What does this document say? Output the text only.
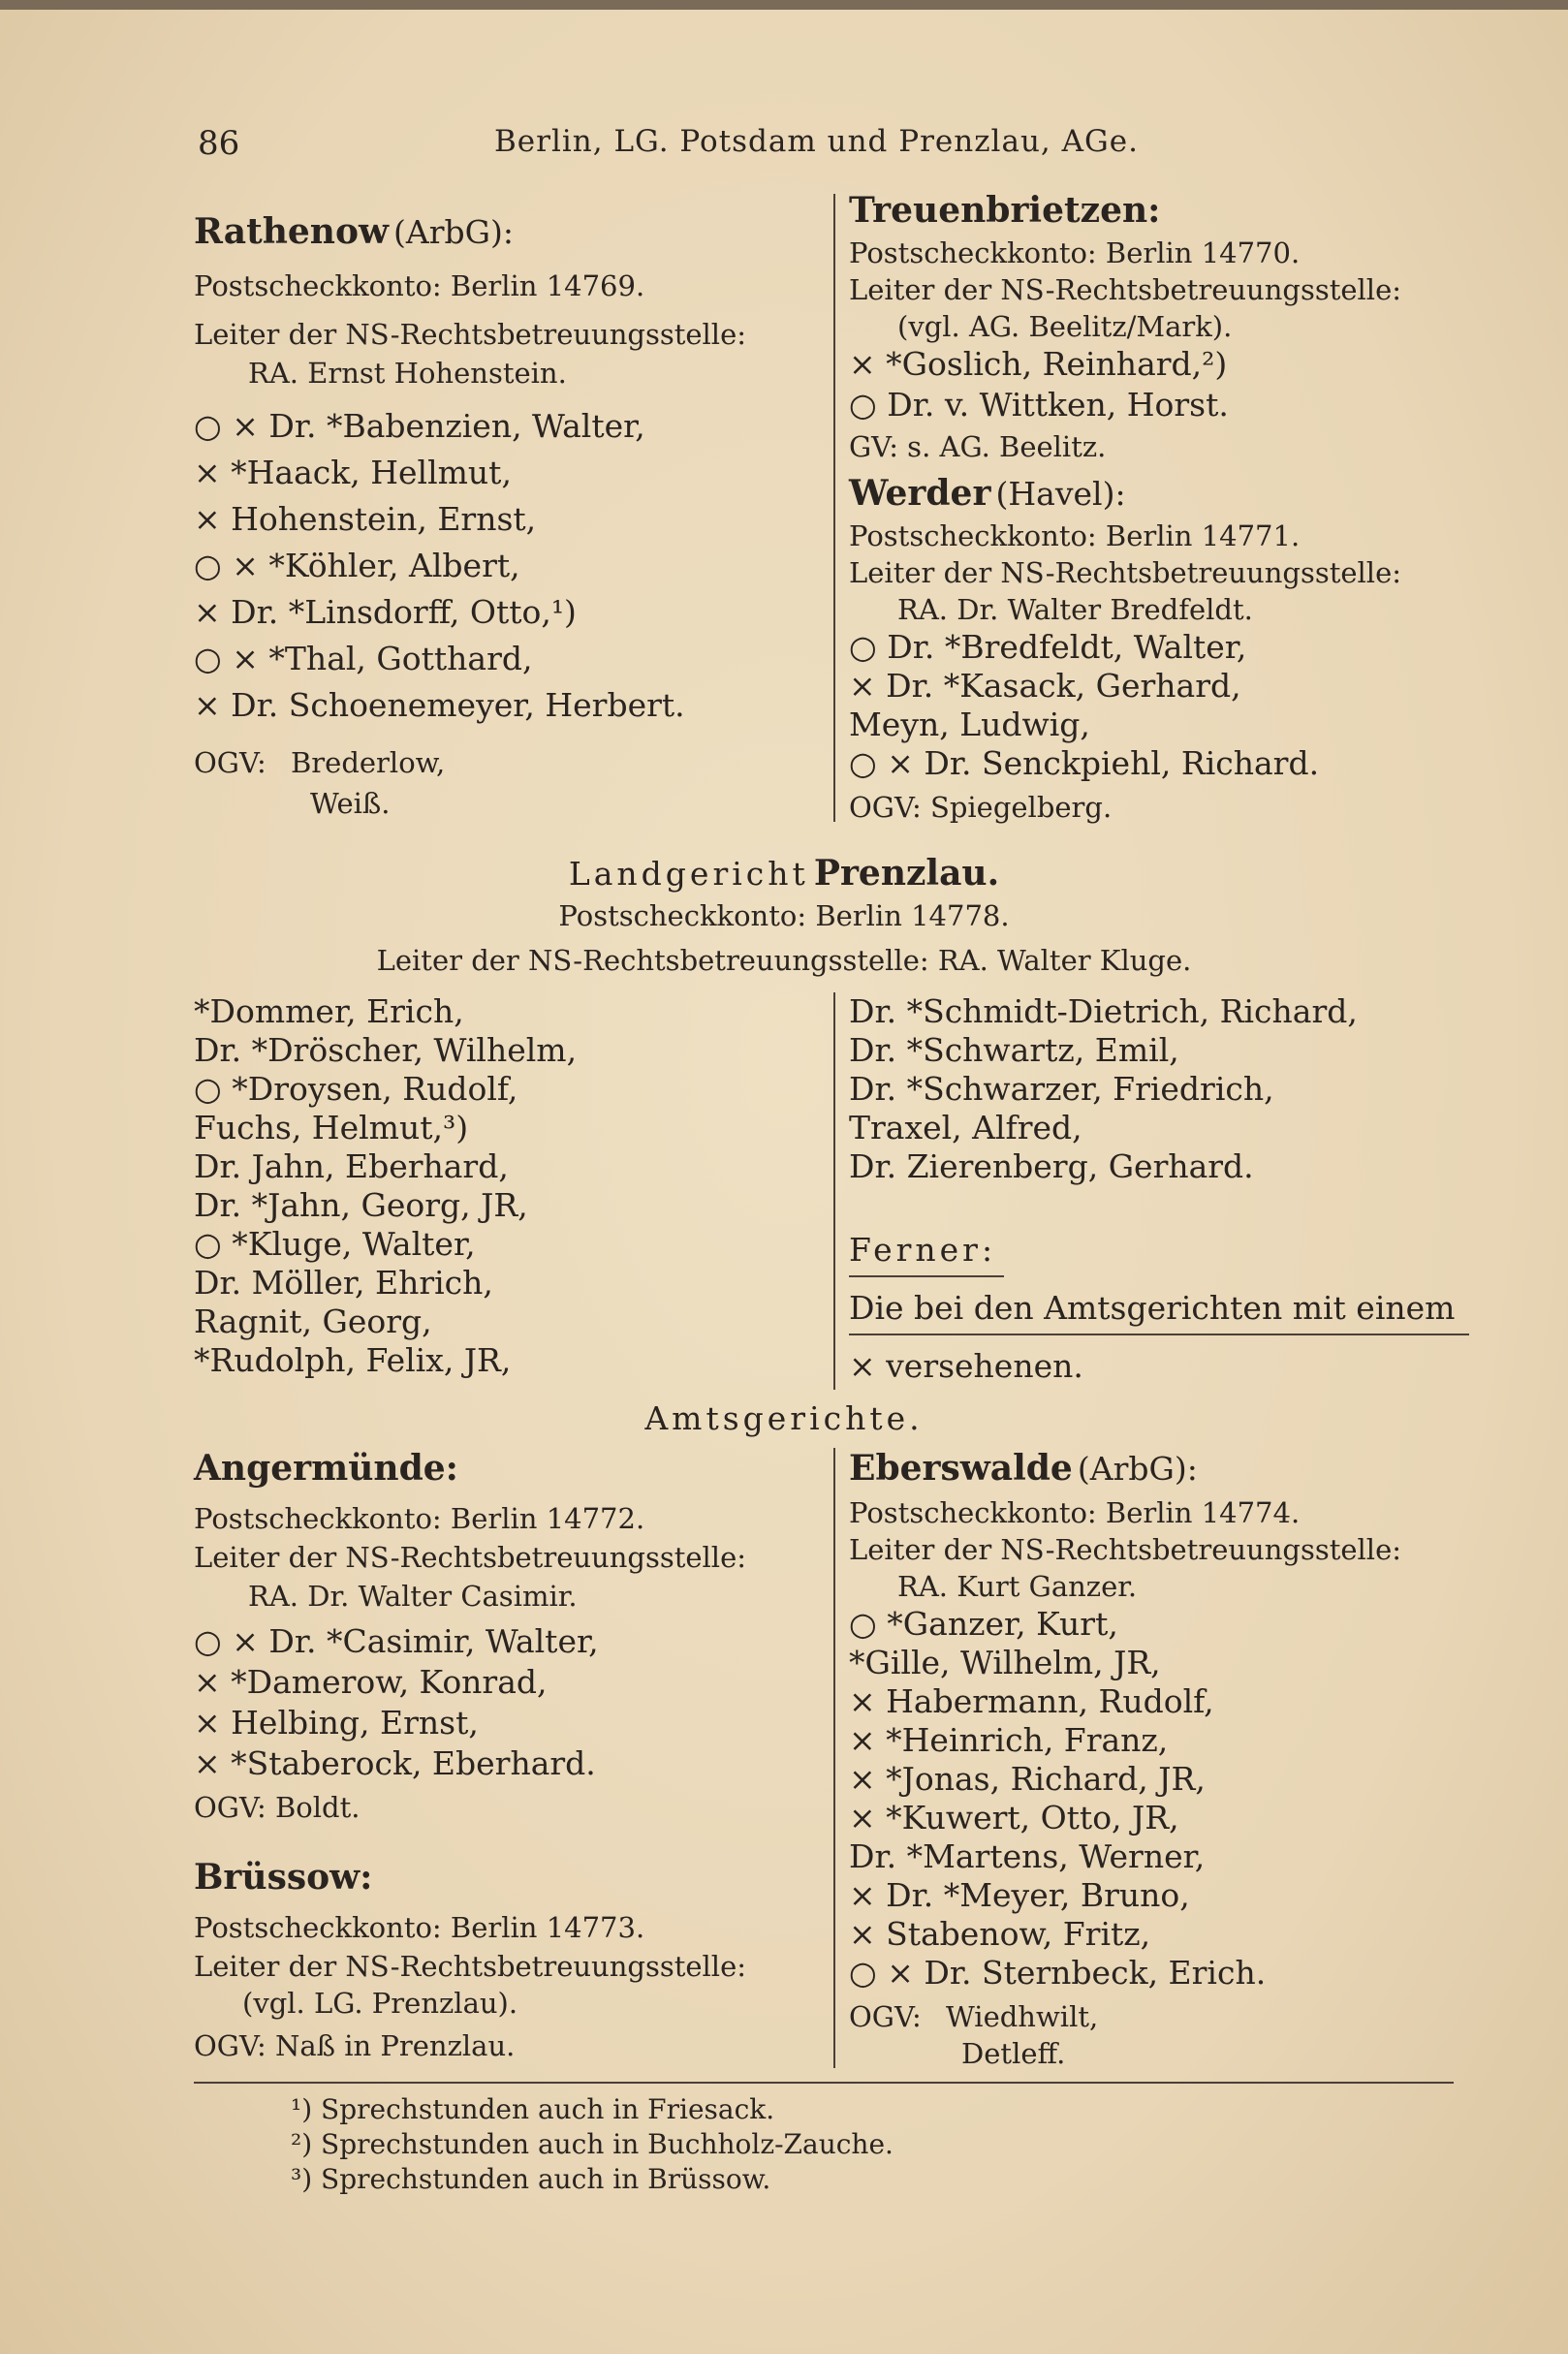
86	Berlin, LG. Potsdam und Prenzlau, AGe.
Rathenow (ArbG):
Postscheckkonto: Berlin 14769.
Leiter der NS-Rechtsbetreuungsstelle:
RA. Ernst Hohenstein.
○ × Dr. *Babenzien, Walter,
× *Haack, Hellmut,
× Hohenstein, Ernst,
○ × *Köhler, Albert,
× Dr. *Linsdorff, Otto,¹)
○ × *Thal, Gotthard,
× Dr. Schoenemeyer, Herbert.
OGV: Brederlow,
Weiß.
Treuenbrietzen:
Postscheckkonto: Berlin 14770.
Leiter der NS-Rechtsbetreuungsstelle:
(vgl. AG. Beelitz/Mark).
× *Goslich, Reinhard,²)
○ Dr. v. Wittken, Horst.
GV: s. AG. Beelitz.
Werder (Havel):
Postscheckkonto: Berlin 14771.
Leiter der NS-Rechtsbetreuungsstelle:
RA. Dr. Walter Bredfeldt.
○ Dr. *Bredfeldt, Walter,
× Dr. *Kasack, Gerhard,
Meyn, Ludwig,
○ × Dr. Senckpiehl, Richard.
OGV: Spiegelberg.
Landgericht Prenzlau.
Postscheckkonto: Berlin 14778.
Leiter der NS-Rechtsbetreuungsstelle: RA. Walter Kluge.
*Dommer, Erich,
Dr. *Dröscher, Wilhelm,
○ *Droysen, Rudolf,
Fuchs, Helmut,³)
Dr. Jahn, Eberhard,
Dr. *Jahn, Georg, JR,
○ *Kluge, Walter,
Dr. Möller, Ehrich,
Ragnit, Georg,
*Rudolph, Felix, JR,
Dr. *Schmidt-Dietrich, Richard,
Dr. *Schwartz, Emil,
Dr. *Schwarzer, Friedrich,
Traxel, Alfred,
Dr. Zierenberg, Gerhard.
Ferner:
Die bei den Amtsgerichten mit einem
× versehenen.
Amtsgerichte.
Angermünde:
Postscheckkonto: Berlin 14772.
Leiter der NS-Rechtsbetreuungsstelle:
RA. Dr. Walter Casimir.
○ × Dr. *Casimir, Walter,
× *Damerow, Konrad,
× Helbing, Ernst,
× *Staberock, Eberhard.
OGV: Boldt.
Brüssow:
Postscheckkonto: Berlin 14773.
Leiter der NS-Rechtsbetreuungsstelle:
(vgl. LG. Prenzlau).
OGV: Naß in Prenzlau.
Eberswalde (ArbG):
Postscheckkonto: Berlin 14774.
Leiter der NS-Rechtsbetreuungsstelle:
RA. Kurt Ganzer.
○ *Ganzer, Kurt,
*Gille, Wilhelm, JR,
× Habermann, Rudolf,
× *Heinrich, Franz,
× *Jonas, Richard, JR,
× *Kuwert, Otto, JR,
Dr. *Martens, Werner,
× Dr. *Meyer, Bruno,
× Stabenow, Fritz,
○ × Dr. Sternbeck, Erich.
OGV: Wiedhwilt,
Detleff.
¹) Sprechstunden auch in Friesack.
²) Sprechstunden auch in Buchholz-Zauche.
³) Sprechstunden auch in Brüssow.
